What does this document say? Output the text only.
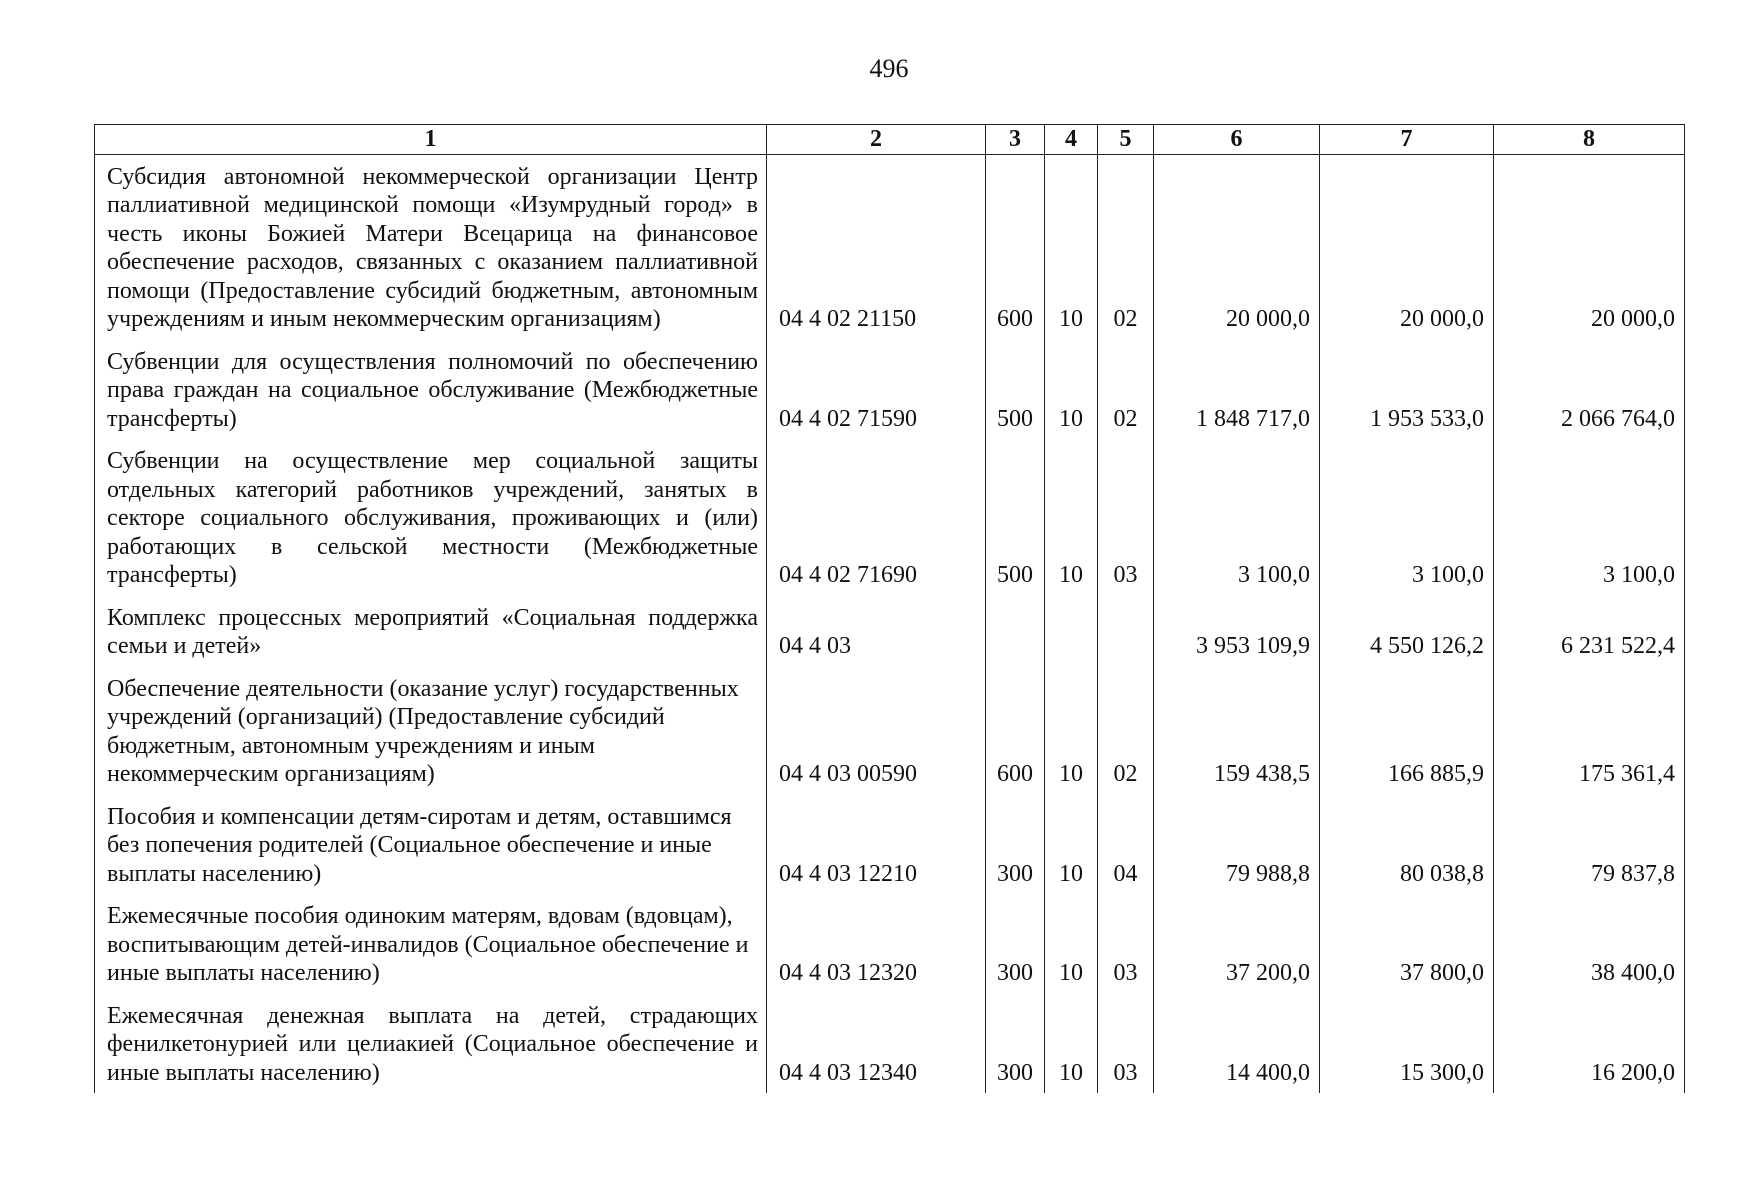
496
1	2	3	4	5	6	7	8
Субсидия автономной некоммерческой организации Центр паллиативной медицинской помощи «Изумрудный город» в честь иконы Божией Матери Всецарица на финансовое обеспечение расходов, связанных с оказанием паллиативной помощи (Предоставление субсидий бюджетным, автономным учреждениям и иным некоммерческим организациям)	04 4 02 21150	600	10	02	20 000,0	20 000,0	20 000,0
Субвенции для осуществления полномочий по обеспечению права граждан на социальное обслуживание (Межбюджетные трансферты)	04 4 02 71590	500	10	02	1 848 717,0	1 953 533,0	2 066 764,0
Субвенции на осуществление мер социальной защиты отдельных категорий работников учреждений, занятых в секторе социального обслуживания, проживающих и (или) работающих в сельской местности (Межбюджетные трансферты)	04 4 02 71690	500	10	03	3 100,0	3 100,0	3 100,0
Комплекс процессных мероприятий «Социальная поддержка семьи и детей»	04 4 03				3 953 109,9	4 550 126,2	6 231 522,4
Обеспечение деятельности (оказание услуг) государственных учреждений (организаций) (Предоставление субсидий бюджетным, автономным учреждениям и иным некоммерческим организациям)	04 4 03 00590	600	10	02	159 438,5	166 885,9	175 361,4
Пособия и компенсации детям-сиротам и детям, оставшимся без попечения родителей (Социальное обеспечение и иные выплаты населению)	04 4 03 12210	300	10	04	79 988,8	80 038,8	79 837,8
Ежемесячные пособия одиноким матерям, вдовам (вдовцам), воспитывающим детей-инвалидов (Социальное обеспечение и иные выплаты населению)	04 4 03 12320	300	10	03	37 200,0	37 800,0	38 400,0
Ежемесячная денежная выплата на детей, страдающих фенилкетонурией или целиакией (Социальное обеспечение и иные выплаты населению)	04 4 03 12340	300	10	03	14 400,0	15 300,0	16 200,0
